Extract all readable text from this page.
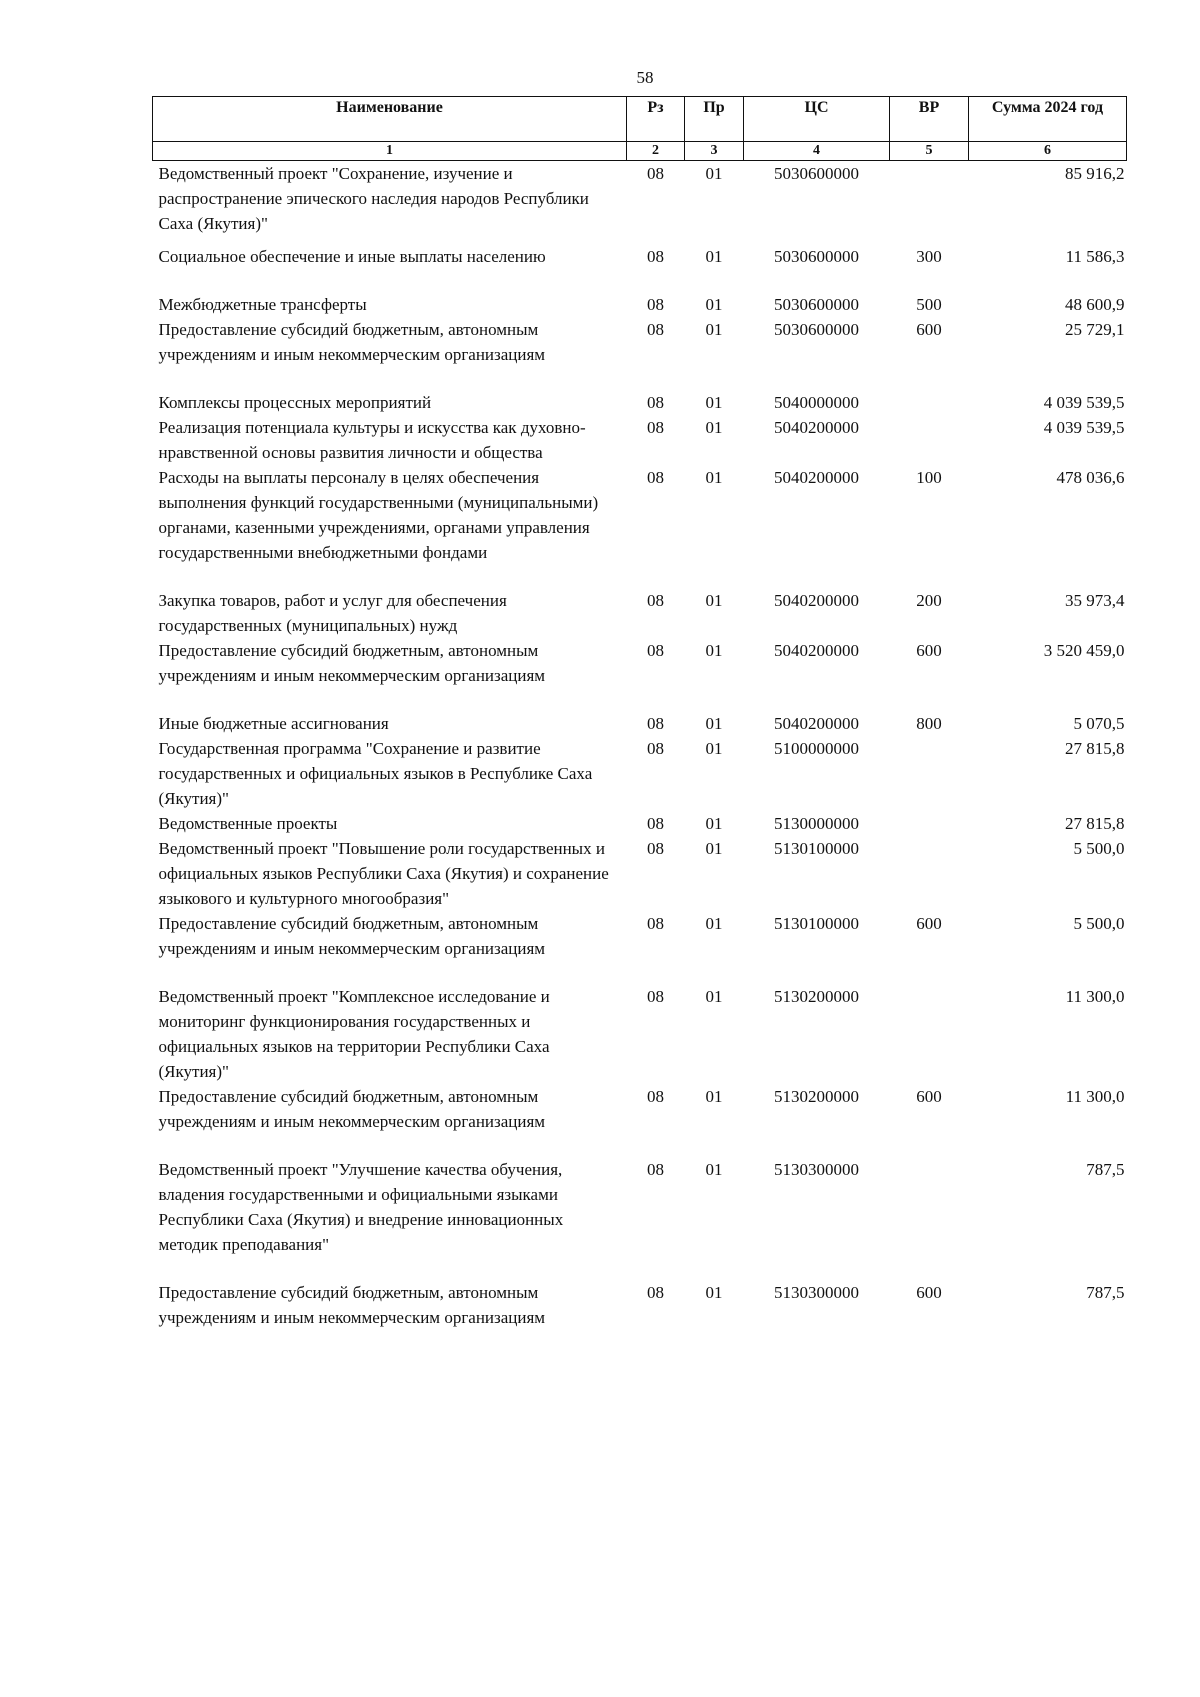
58
Наименование	Рз	Пр	ЦС	ВР	Сумма 2024 год
1	2	3	4	5	6
Ведомственный проект "Сохранение, изучение и распространение эпического наследия народов Республики Саха (Якутия)"	08	01	5030600000		85 916,2
Социальное обеспечение и иные выплаты населению	08	01	5030600000	300	11 586,3
Межбюджетные трансферты	08	01	5030600000	500	48 600,9
Предоставление субсидий бюджетным, автономным учреждениям и иным некоммерческим организациям	08	01	5030600000	600	25 729,1
Комплексы процессных мероприятий	08	01	5040000000		4 039 539,5
Реализация потенциала культуры и искусства как духовно-нравственной основы развития личности и общества	08	01	5040200000		4 039 539,5
Расходы на выплаты персоналу в целях обеспечения выполнения функций государственными (муниципальными) органами, казенными учреждениями, органами управления государственными внебюджетными фондами	08	01	5040200000	100	478 036,6
Закупка товаров, работ и услуг для обеспечения государственных (муниципальных) нужд	08	01	5040200000	200	35 973,4
Предоставление субсидий бюджетным, автономным учреждениям и иным некоммерческим организациям	08	01	5040200000	600	3 520 459,0
Иные бюджетные ассигнования	08	01	5040200000	800	5 070,5
Государственная программа "Сохранение и развитие государственных и официальных языков в Республике Саха (Якутия)"	08	01	5100000000		27 815,8
Ведомственные проекты	08	01	5130000000		27 815,8
Ведомственный проект "Повышение роли государственных и официальных языков Республики Саха (Якутия) и сохранение языкового и культурного многообразия"	08	01	5130100000		5 500,0
Предоставление субсидий бюджетным, автономным учреждениям и иным некоммерческим организациям	08	01	5130100000	600	5 500,0
Ведомственный проект "Комплексное исследование и мониторинг функционирования государственных и официальных языков на территории Республики Саха (Якутия)"	08	01	5130200000		11 300,0
Предоставление субсидий бюджетным, автономным учреждениям и иным некоммерческим организациям	08	01	5130200000	600	11 300,0
Ведомственный проект "Улучшение качества обучения, владения государственными и официальными языками Республики Саха (Якутия) и внедрение инновационных методик преподавания"	08	01	5130300000		787,5
Предоставление субсидий бюджетным, автономным учреждениям и иным некоммерческим организациям	08	01	5130300000	600	787,5
